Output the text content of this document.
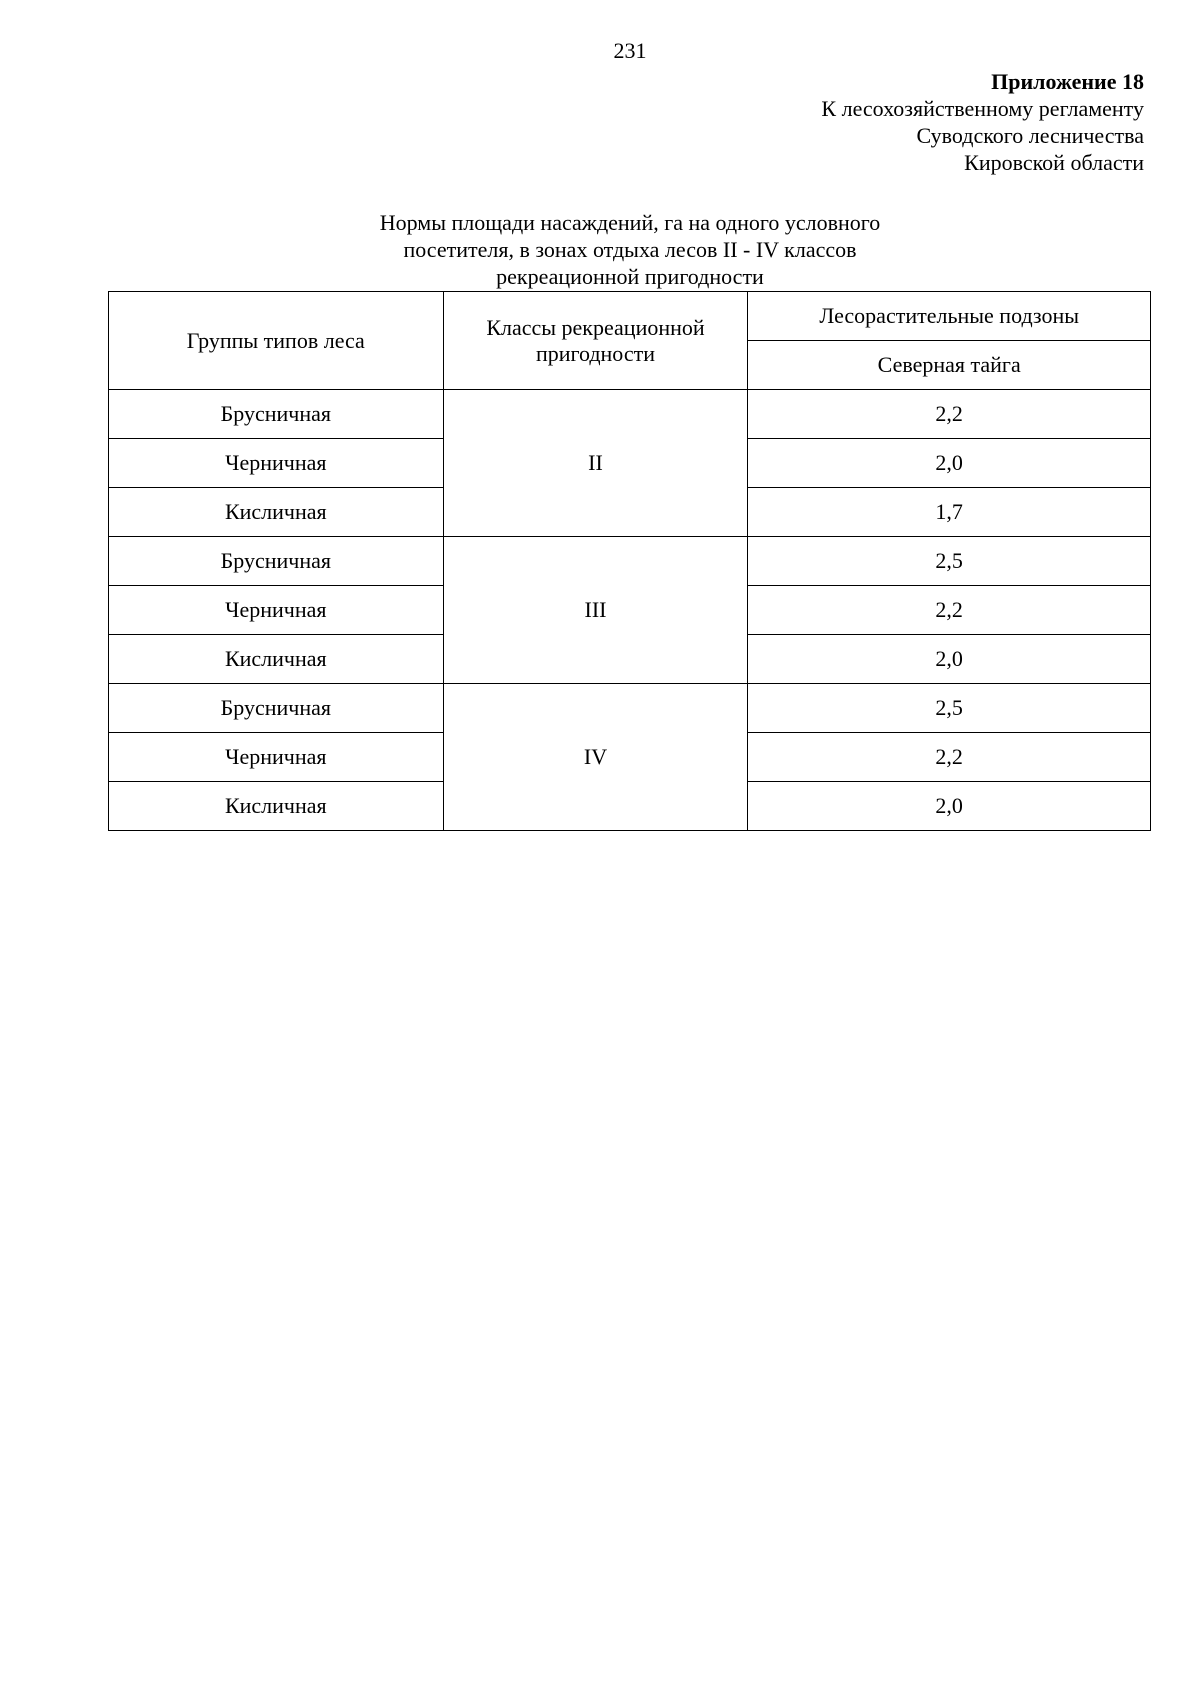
231
Приложение 18
К лесохозяйственному регламенту
Суводского лесничества
Кировской области
Нормы площади насаждений, га на одного условного
посетителя, в зонах отдыха лесов II - IV классов
рекреационной пригодности
Группы типов леса	Классы рекреационной пригодности	Лесорастительные подзоны
		Северная тайга
Брусничная	II	2,2
Черничная		2,0
Кисличная		1,7
Брусничная	III	2,5
Черничная		2,2
Кисличная		2,0
Брусничная	IV	2,5
Черничная		2,2
Кисличная		2,0
